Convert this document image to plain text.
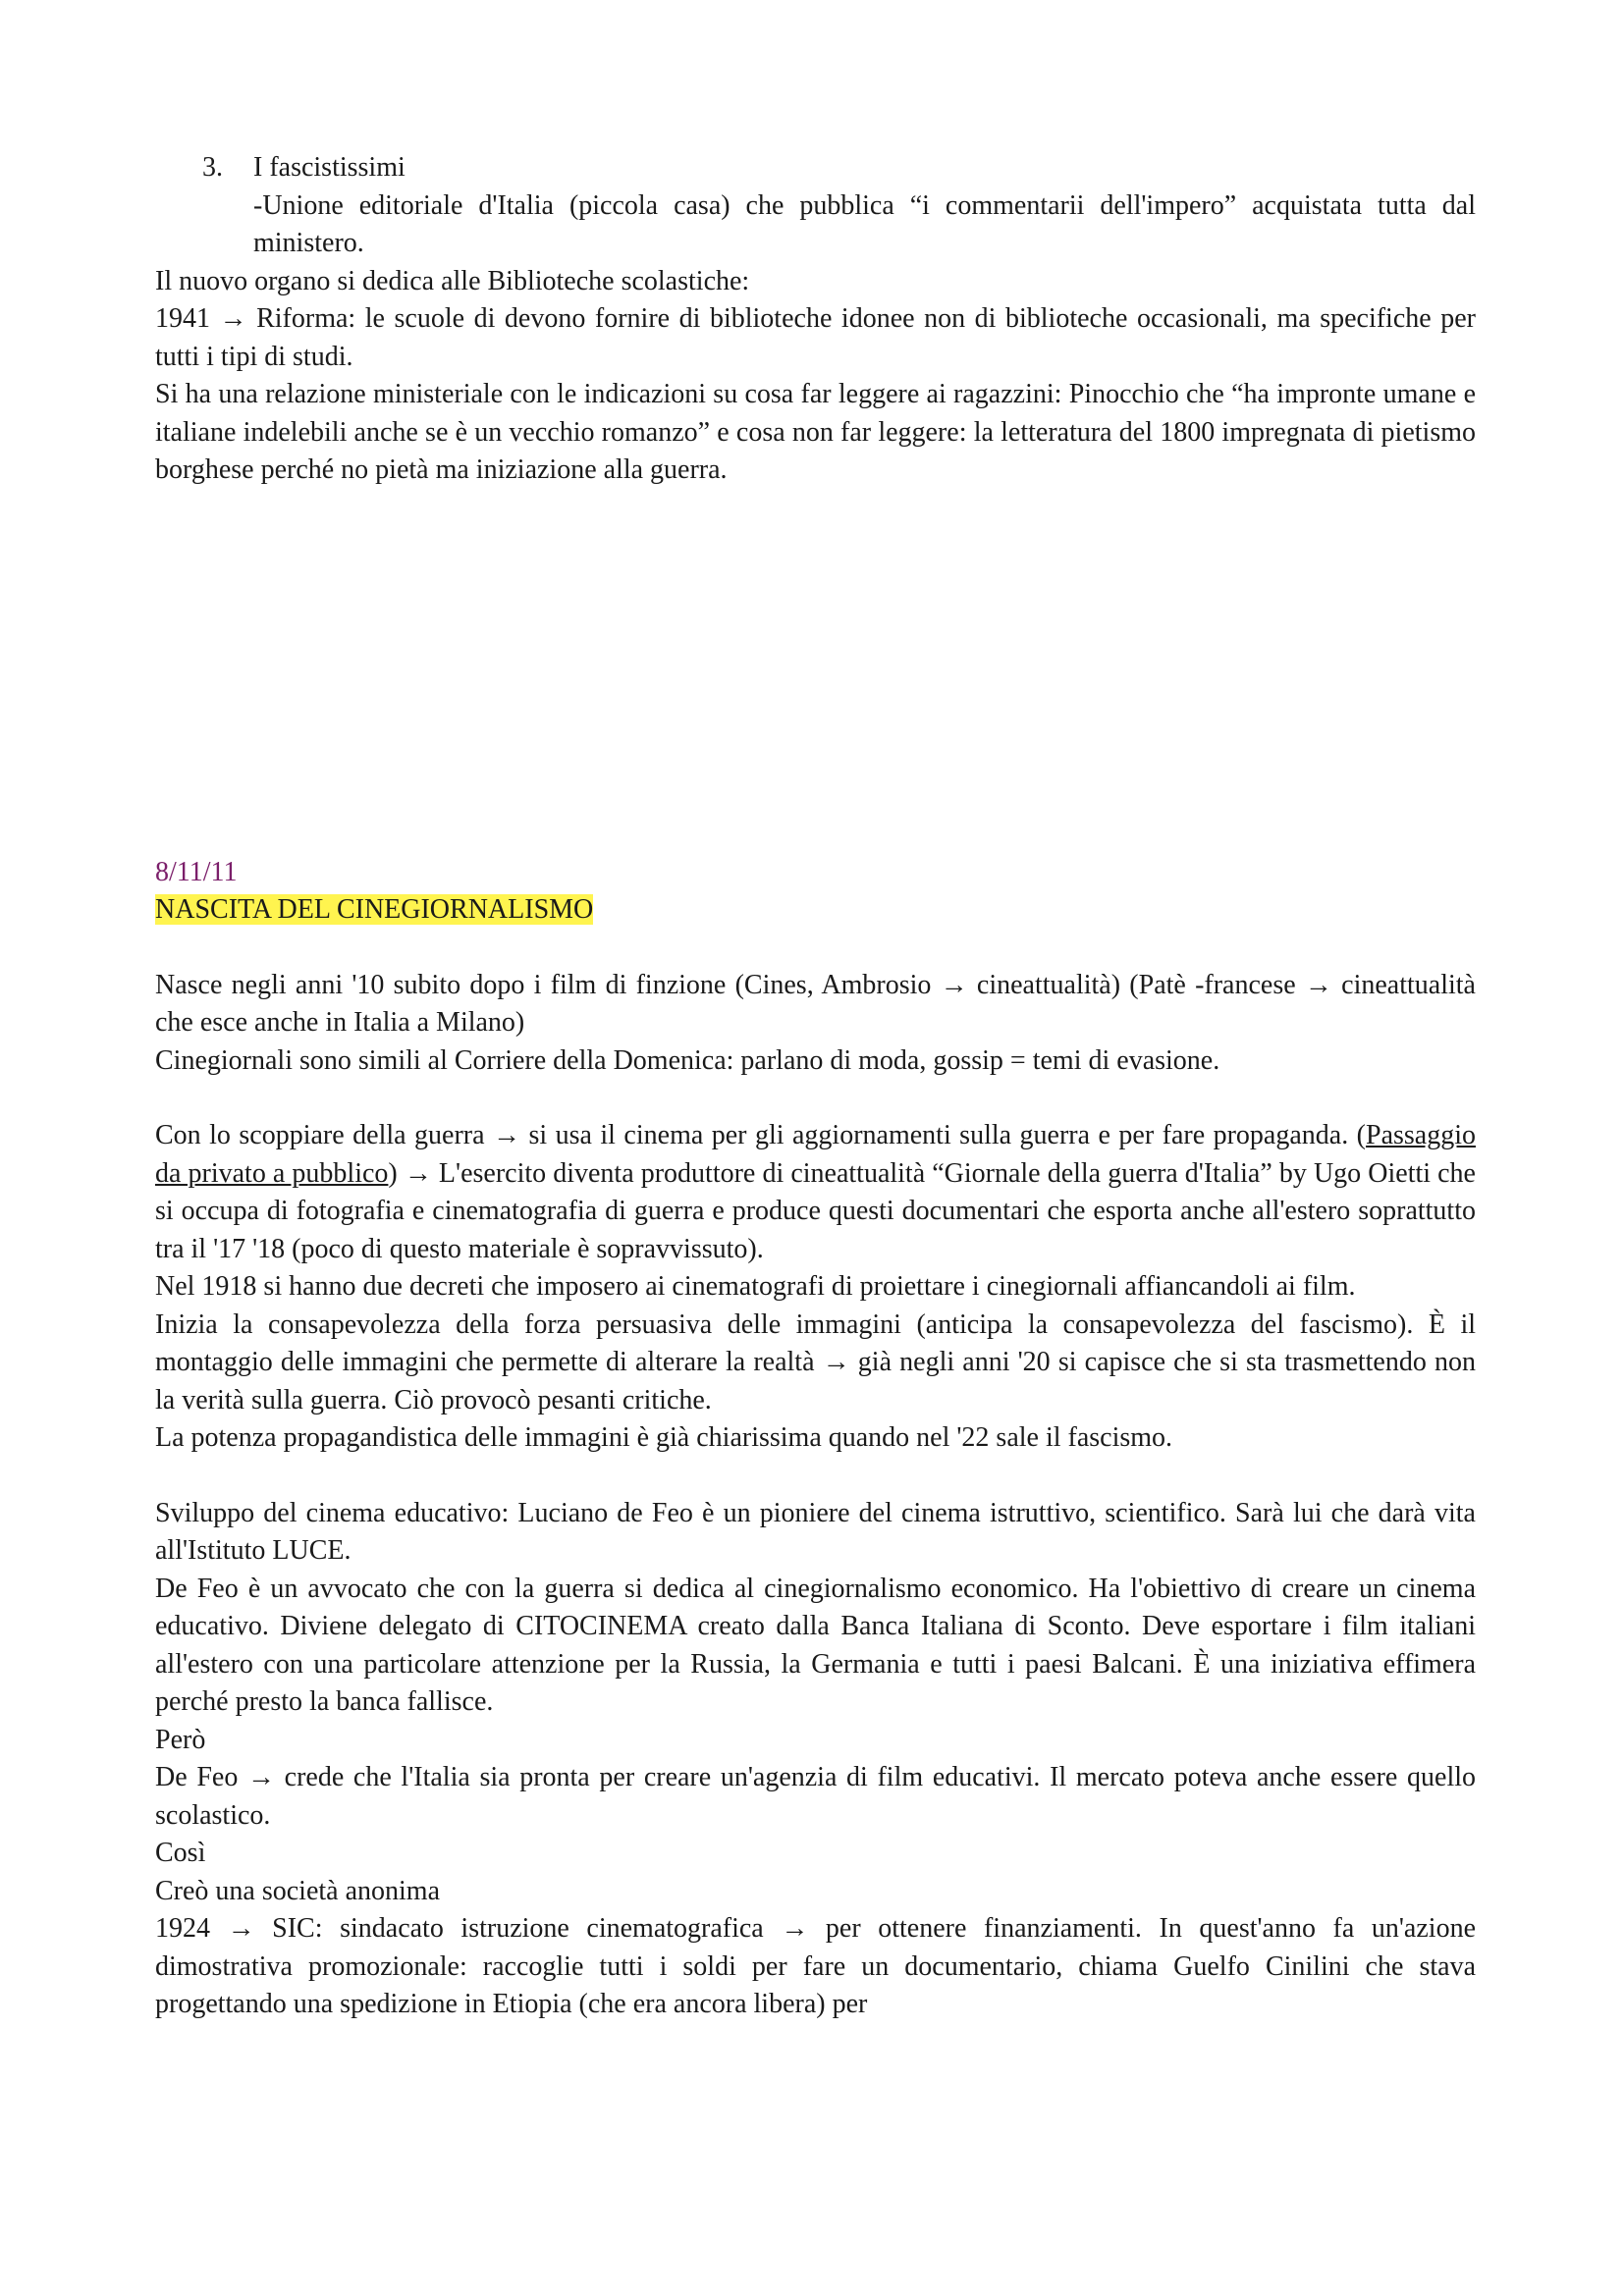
3. I fascistissimi

-Unione editoriale d'Italia (piccola casa) che pubblica “i commentarii dell'impero” acquistata tutta dal ministero.

Il nuovo organo si dedica alle Biblioteche scolastiche:

1941 → Riforma: le scuole di devono fornire di biblioteche idonee non di biblioteche occasionali, ma specifiche per tutti i tipi di studi.

Si ha una relazione ministeriale con le indicazioni su cosa far leggere ai ragazzini: Pinocchio che “ha impronte umane e italiane indelebili anche se è un vecchio romanzo” e cosa non far leggere: la letteratura del 1800 impregnata di pietismo borghese perché no pietà ma iniziazione alla guerra.

8/11/11

NASCITA DEL CINEGIORNALISMO

Nasce negli anni '10 subito dopo i film di finzione (Cines, Ambrosio → cineattualità) (Patè -francese → cineattualità che esce anche in Italia a Milano)

Cinegiornali sono simili al Corriere della Domenica: parlano di moda, gossip = temi di evasione.

Con lo scoppiare della guerra → si usa il cinema per gli aggiornamenti sulla guerra e per fare propaganda. (Passaggio da privato a pubblico) → L'esercito diventa produttore di cineattualità “Giornale della guerra d'Italia” by Ugo Oietti che si occupa di fotografia e cinematografia di guerra e produce questi documentari che esporta anche all'estero soprattutto tra il '17 '18 (poco di questo materiale è sopravvissuto).

Nel 1918 si hanno due decreti che imposero ai cinematografi di proiettare i cinegiornali affiancandoli ai film.

Inizia la consapevolezza della forza persuasiva delle immagini (anticipa la consapevolezza del fascismo). È il montaggio delle immagini che permette di alterare la realtà → già negli anni '20 si capisce che si sta trasmettendo non la verità sulla guerra. Ciò provocò pesanti critiche.

La potenza propagandistica delle immagini è già chiarissima quando nel '22 sale il fascismo.

Sviluppo del cinema educativo: Luciano de Feo è un pioniere del cinema istruttivo, scientifico. Sarà lui che darà vita all'Istituto LUCE.

De Feo è un avvocato che con la guerra si dedica al cinegiornalismo economico. Ha l'obiettivo di creare un cinema educativo. Diviene delegato di CITOCINEMA creato dalla Banca Italiana di Sconto. Deve esportare i film italiani all'estero con una particolare attenzione per la Russia, la Germania e tutti i paesi Balcani. È una iniziativa effimera perché presto la banca fallisce.

Però

De Feo → crede che l'Italia sia pronta per creare un'agenzia di film educativi. Il mercato poteva anche essere quello scolastico.

Così

Creò una società anonima

1924 → SIC: sindacato istruzione cinematografica → per ottenere finanziamenti. In quest'anno fa un'azione dimostrativa promozionale: raccoglie tutti i soldi per fare un documentario, chiama Guelfo Cinilini che stava progettando una spedizione in Etiopia (che era ancora libera) per
